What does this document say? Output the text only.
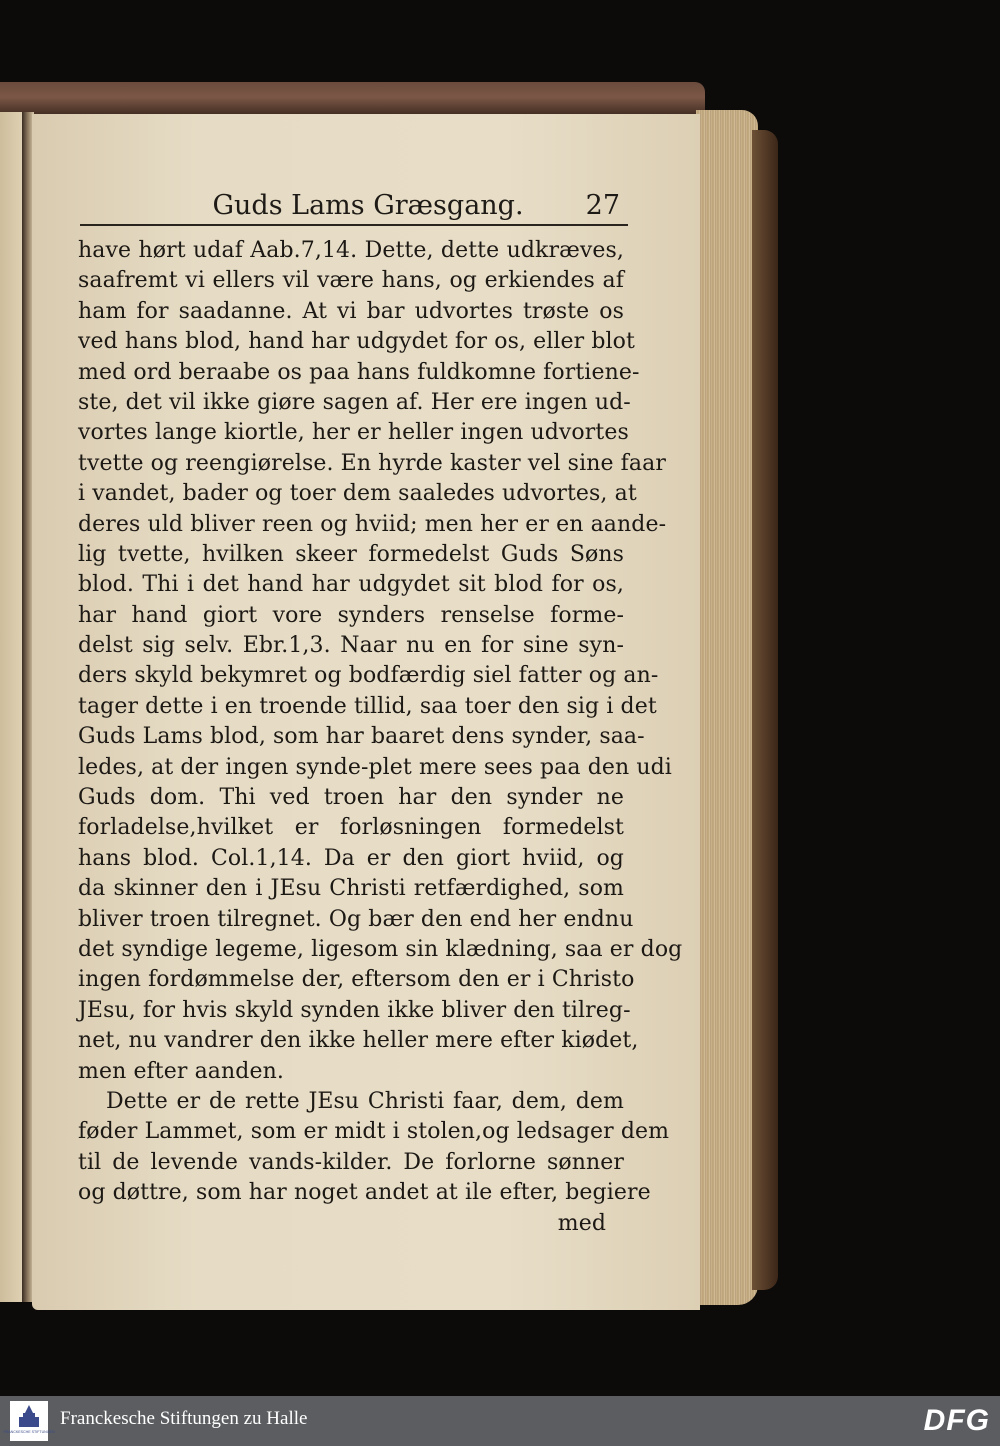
Guds Lams Græsgang.	27
have hørt udaf Aab.7,14. Dette, dette udkræves,
saafremt vi ellers vil være hans, og erkiendes af
ham for saadanne. At vi bar udvortes trøste os
ved hans blod, hand har udgydet for os, eller blot
med ord beraabe os paa hans fuldkomne fortiene-
ste, det vil ikke giøre sagen af. Her ere ingen ud-
vortes lange kiortle, her er heller ingen udvortes
tvette og reengiørelse. En hyrde kaster vel sine faar
i vandet, bader og toer dem saaledes udvortes, at
deres uld bliver reen og hviid; men her er en aande-
lig tvette, hvilken skeer formedelst Guds Søns
blod. Thi i det hand har udgydet sit blod for os,
har hand giort vore synders renselse forme-
delst sig selv. Ebr.1,3. Naar nu en for sine syn-
ders skyld bekymret og bodfærdig siel fatter og an-
tager dette i en troende tillid, saa toer den sig i det
Guds Lams blod, som har baaret dens synder, saa-
ledes, at der ingen synde-plet mere sees paa den udi
Guds dom. Thi ved troen har den synder ne
forladelse,hvilket er forløsningen formedelst
hans blod. Col.1,14. Da er den giort hviid, og
da skinner den i JEsu Christi retfærdighed, som
bliver troen tilregnet. Og bær den end her endnu
det syndige legeme, ligesom sin klædning, saa er dog
ingen fordømmelse der, eftersom den er i Christo
JEsu, for hvis skyld synden ikke bliver den tilreg-
net, nu vandrer den ikke heller mere efter kiødet,
men efter aanden.
Dette er de rette JEsu Christi faar, dem, dem
føder Lammet, som er midt i stolen,og ledsager dem
til de levende vands-kilder. De forlorne sønner
og døttre, som har noget andet at ile efter, begiere
med
FRANCKESCHE STIFTUNGEN
Franckesche Stiftungen zu Halle	DFG
